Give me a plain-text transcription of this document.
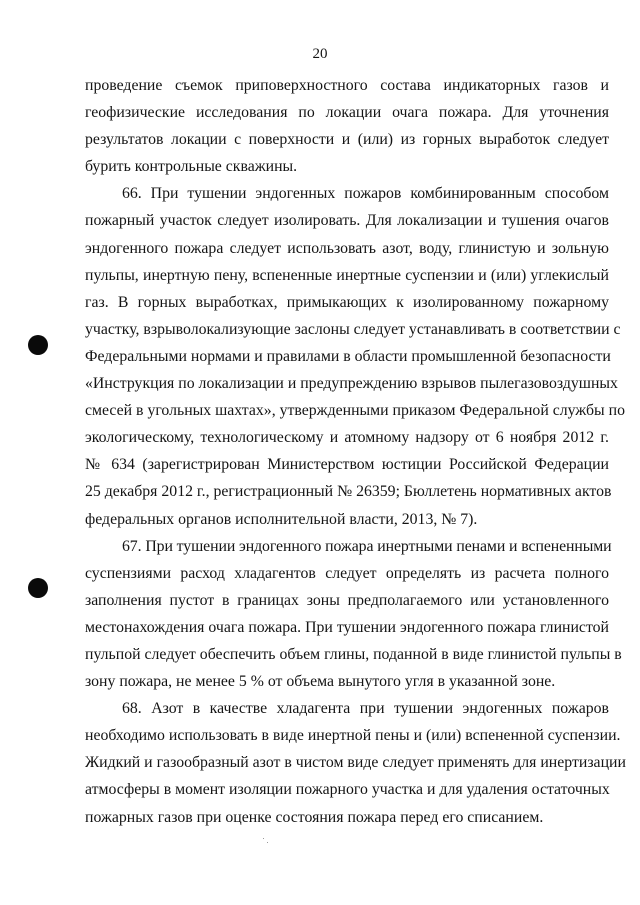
20
проведение съемок приповерхностного состава индикаторных газов и
геофизические исследования по локации очага пожара. Для уточнения
результатов локации с поверхности и (или) из горных выработок следует
бурить контрольные скважины.
66. При тушении эндогенных пожаров комбинированным способом
пожарный участок следует изолировать. Для локализации и тушения очагов
эндогенного пожара следует использовать азот, воду, глинистую и зольную
пульпы, инертную пену, вспененные инертные суспензии и (или) углекислый
газ. В горных выработках, примыкающих к изолированному пожарному
участку, взрыволокализующие заслоны следует устанавливать в соответствии с
Федеральными нормами и правилами в области промышленной безопасности
«Инструкция по локализации и предупреждению взрывов пылегазовоздушных
смесей в угольных шахтах», утвержденными приказом Федеральной службы по
экологическому, технологическому и атомному надзору от 6 ноября 2012 г.
№ 634 (зарегистрирован Министерством юстиции Российской Федерации
25 декабря 2012 г., регистрационный № 26359; Бюллетень нормативных актов
федеральных органов исполнительной власти, 2013, № 7).
67. При тушении эндогенного пожара инертными пенами и вспененными
суспензиями расход хладагентов следует определять из расчета полного
заполнения пустот в границах зоны предполагаемого или установленного
местонахождения очага пожара. При тушении эндогенного пожара глинистой
пульпой следует обеспечить объем глины, поданной в виде глинистой пульпы в
зону пожара, не менее 5 % от объема вынутого угля в указанной зоне.
68. Азот в качестве хладагента при тушении эндогенных пожаров
необходимо использовать в виде инертной пены и (или) вспененной суспензии.
Жидкий и газообразный азот в чистом виде следует применять для инертизации
атмосферы в момент изоляции пожарного участка и для удаления остаточных
пожарных газов при оценке состояния пожара перед его списанием.
